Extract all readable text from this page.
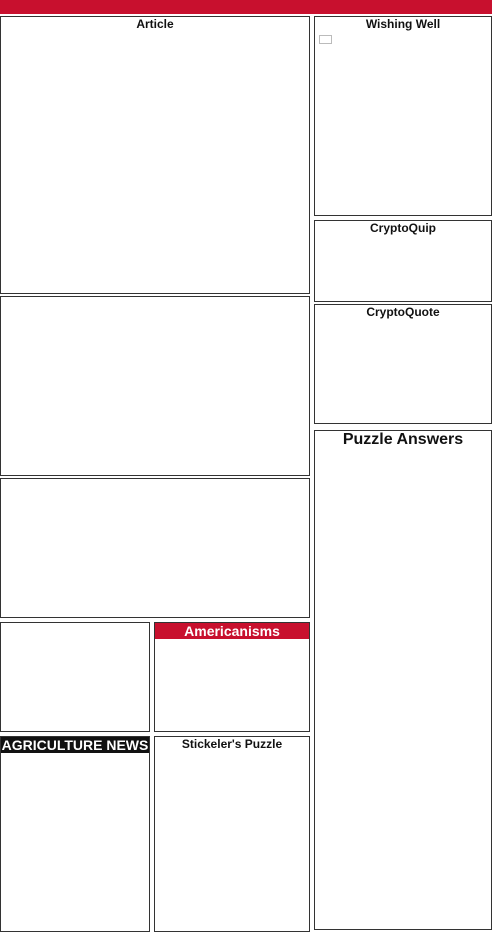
Article	Wishing Well
CryptoQuip
CryptoQuote
Puzzle Answers
Americanisms
AGRICULTURE NEWS	Stickeler's Puzzle
